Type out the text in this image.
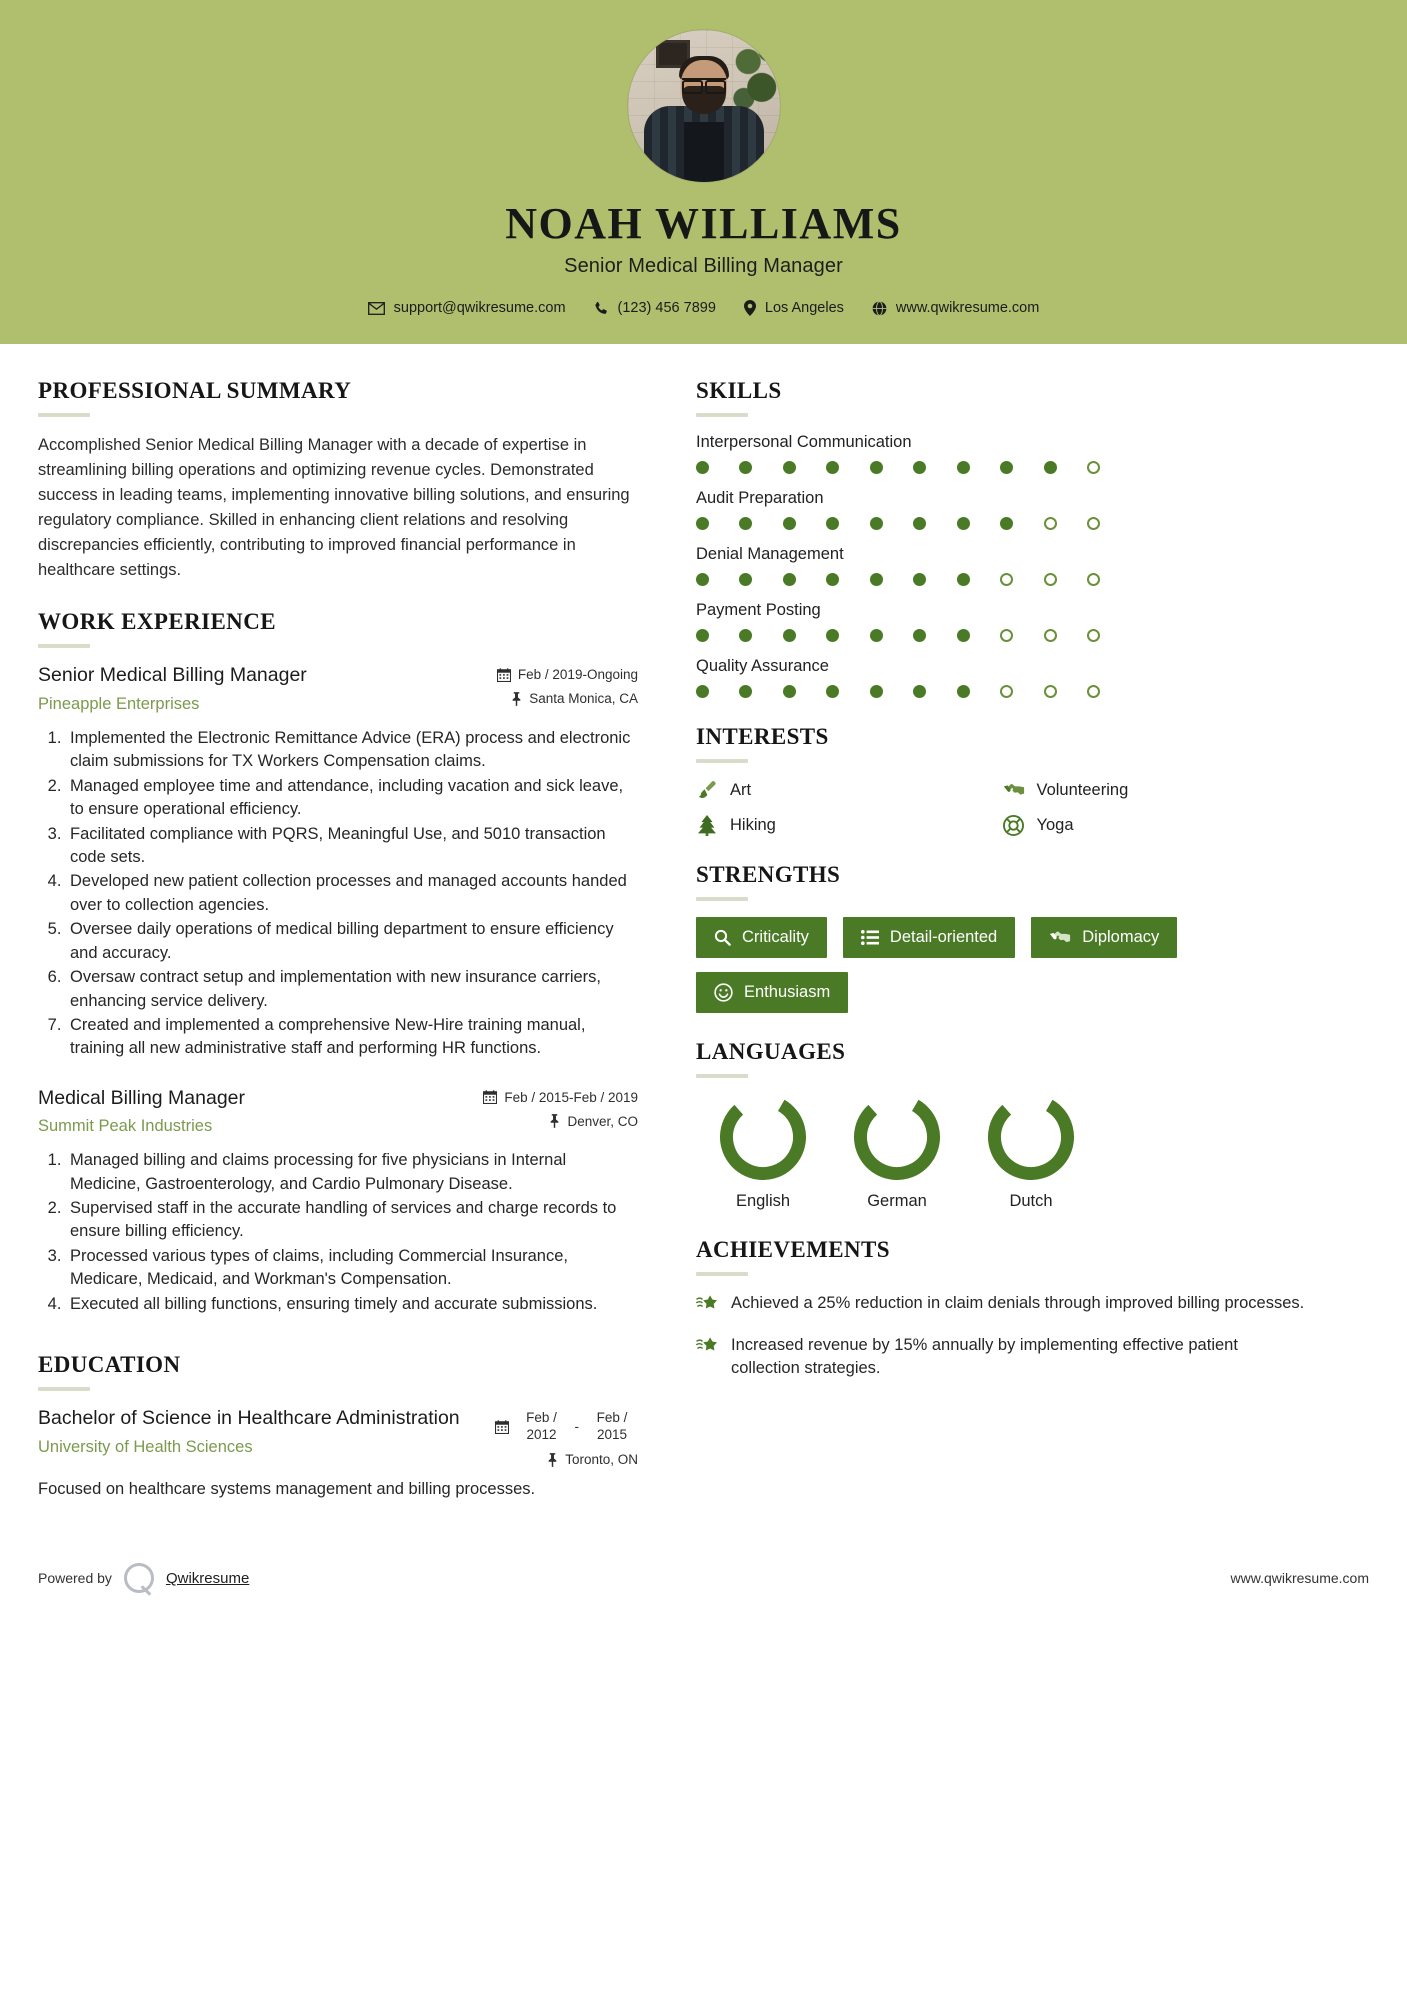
NOAH WILLIAMS
Senior Medical Billing Manager
support@qwikresume.com	(123) 456 7899	Los Angeles	www.qwikresume.com
PROFESSIONAL SUMMARY
Accomplished Senior Medical Billing Manager with a decade of expertise in streamlining billing operations and optimizing revenue cycles. Demonstrated success in leading teams, implementing innovative billing solutions, and ensuring regulatory compliance. Skilled in enhancing client relations and resolving discrepancies efficiently, contributing to improved financial performance in healthcare settings.
WORK EXPERIENCE
Senior Medical Billing Manager
Pineapple Enterprises
Feb / 2019-Ongoing
Santa Monica, CA
1. Implemented the Electronic Remittance Advice (ERA) process and electronic claim submissions for TX Workers Compensation claims.
2. Managed employee time and attendance, including vacation and sick leave, to ensure operational efficiency.
3. Facilitated compliance with PQRS, Meaningful Use, and 5010 transaction code sets.
4. Developed new patient collection processes and managed accounts handed over to collection agencies.
5. Oversee daily operations of medical billing department to ensure efficiency and accuracy.
6. Oversaw contract setup and implementation with new insurance carriers, enhancing service delivery.
7. Created and implemented a comprehensive New-Hire training manual, training all new administrative staff and performing HR functions.
Medical Billing Manager
Summit Peak Industries
Feb / 2015-Feb / 2019
Denver, CO
1. Managed billing and claims processing for five physicians in Internal Medicine, Gastroenterology, and Cardio Pulmonary Disease.
2. Supervised staff in the accurate handling of services and charge records to ensure billing efficiency.
3. Processed various types of claims, including Commercial Insurance, Medicare, Medicaid, and Workman's Compensation.
4. Executed all billing functions, ensuring timely and accurate submissions.
EDUCATION
Bachelor of Science in Healthcare Administration
University of Health Sciences
Feb / 2012	-
Feb / 2015
Toronto, ON
Focused on healthcare systems management and billing processes.
SKILLS
Interpersonal Communication
Audit Preparation
Denial Management
Payment Posting
Quality Assurance
INTERESTS
Art	Volunteering
Hiking	Yoga
STRENGTHS
Criticality	Detail-oriented	Diplomacy
Enthusiasm
LANGUAGES
English	German	Dutch
ACHIEVEMENTS
Achieved a 25% reduction in claim denials through improved billing processes.
Increased revenue by 15% annually by implementing effective patient collection strategies.
Powered by	Qwikresume	www.qwikresume.com
